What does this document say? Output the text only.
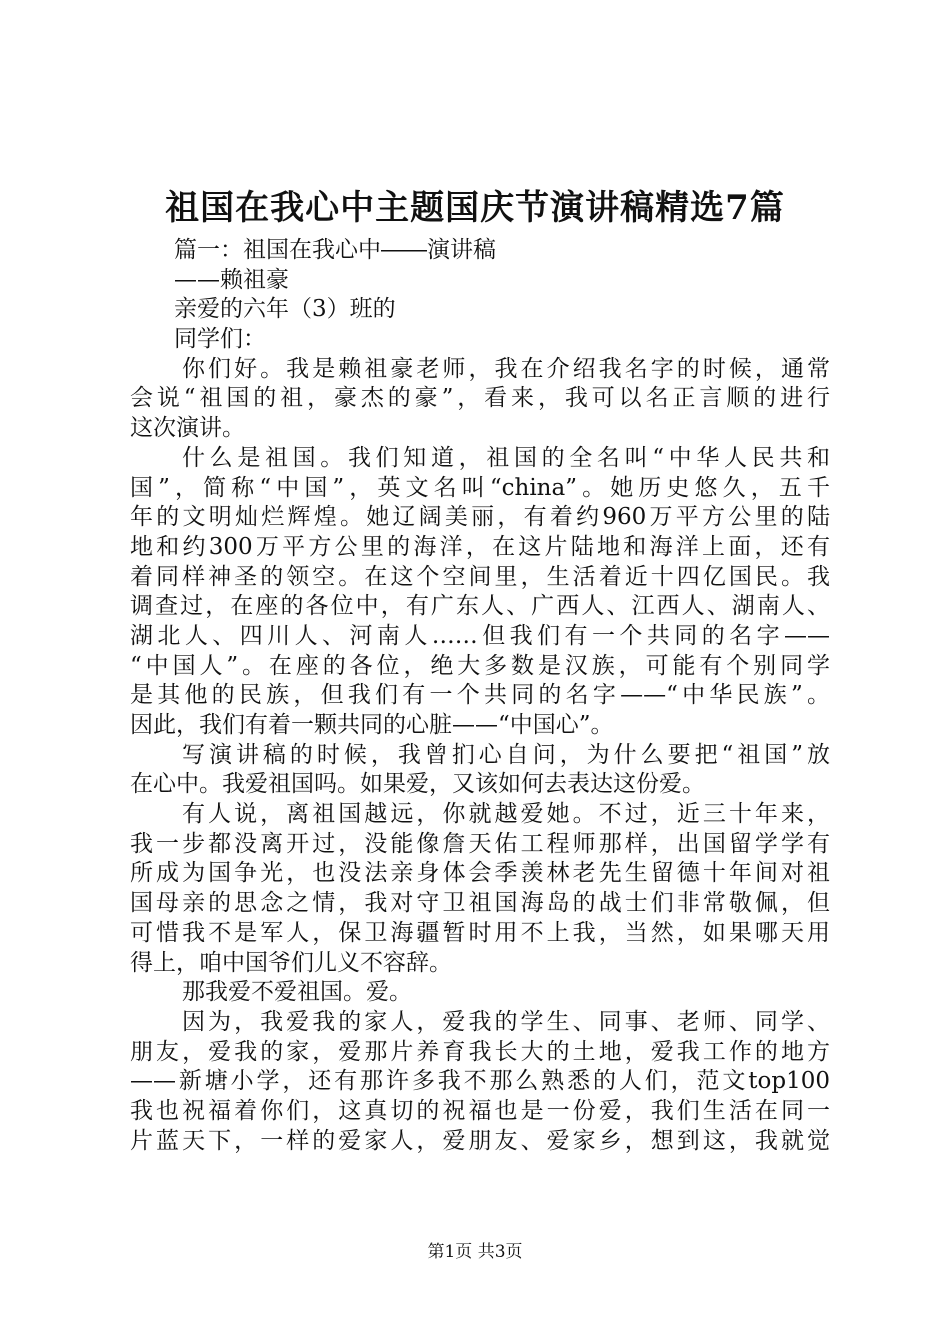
祖国在我心中主题国庆节演讲稿精选7篇
篇一：祖国在我心中――演讲稿
——赖祖豪
亲爱的六年（3）班的
同学们：
你们好。我是赖祖豪老师，我在介绍我名字的时候，通常
会说“祖国的祖，豪杰的豪”，看来，我可以名正言顺的进行
这次演讲。
什么是祖国。我们知道，祖国的全名叫“中华人民共和
国”，简称“中国”，英文名叫“china”。她历史悠久，五千
年的文明灿烂辉煌。她辽阔美丽，有着约960万平方公里的陆
地和约300万平方公里的海洋，在这片陆地和海洋上面，还有
着同样神圣的领空。在这个空间里，生活着近十四亿国民。我
调查过，在座的各位中，有广东人、广西人、江西人、湖南人、
湖北人、四川人、河南人……但我们有一个共同的名字——
“中国人”。在座的各位，绝大多数是汉族，可能有个别同学
是其他的民族，但我们有一个共同的名字——“中华民族”。
因此，我们有着一颗共同的心脏——“中国心”。
写演讲稿的时候，我曾扪心自问，为什么要把“祖国”放
在心中。我爱祖国吗。如果爱，又该如何去表达这份爱。
有人说，离祖国越远，你就越爱她。不过，近三十年来，
我一步都没离开过，没能像詹天佑工程师那样，出国留学学有
所成为国争光，也没法亲身体会季羡林老先生留德十年间对祖
国母亲的思念之情，我对守卫祖国海岛的战士们非常敬佩，但
可惜我不是军人，保卫海疆暂时用不上我，当然，如果哪天用
得上，咱中国爷们儿义不容辞。
那我爱不爱祖国。爱。
因为，我爱我的家人，爱我的学生、同事、老师、同学、
朋友，爱我的家，爱那片养育我长大的土地，爱我工作的地方
——新塘小学，还有那许多我不那么熟悉的人们，范文top100
我也祝福着你们，这真切的祝福也是一份爱，我们生活在同一
片蓝天下，一样的爱家人，爱朋友、爱家乡，想到这，我就觉
第1页 共3页
